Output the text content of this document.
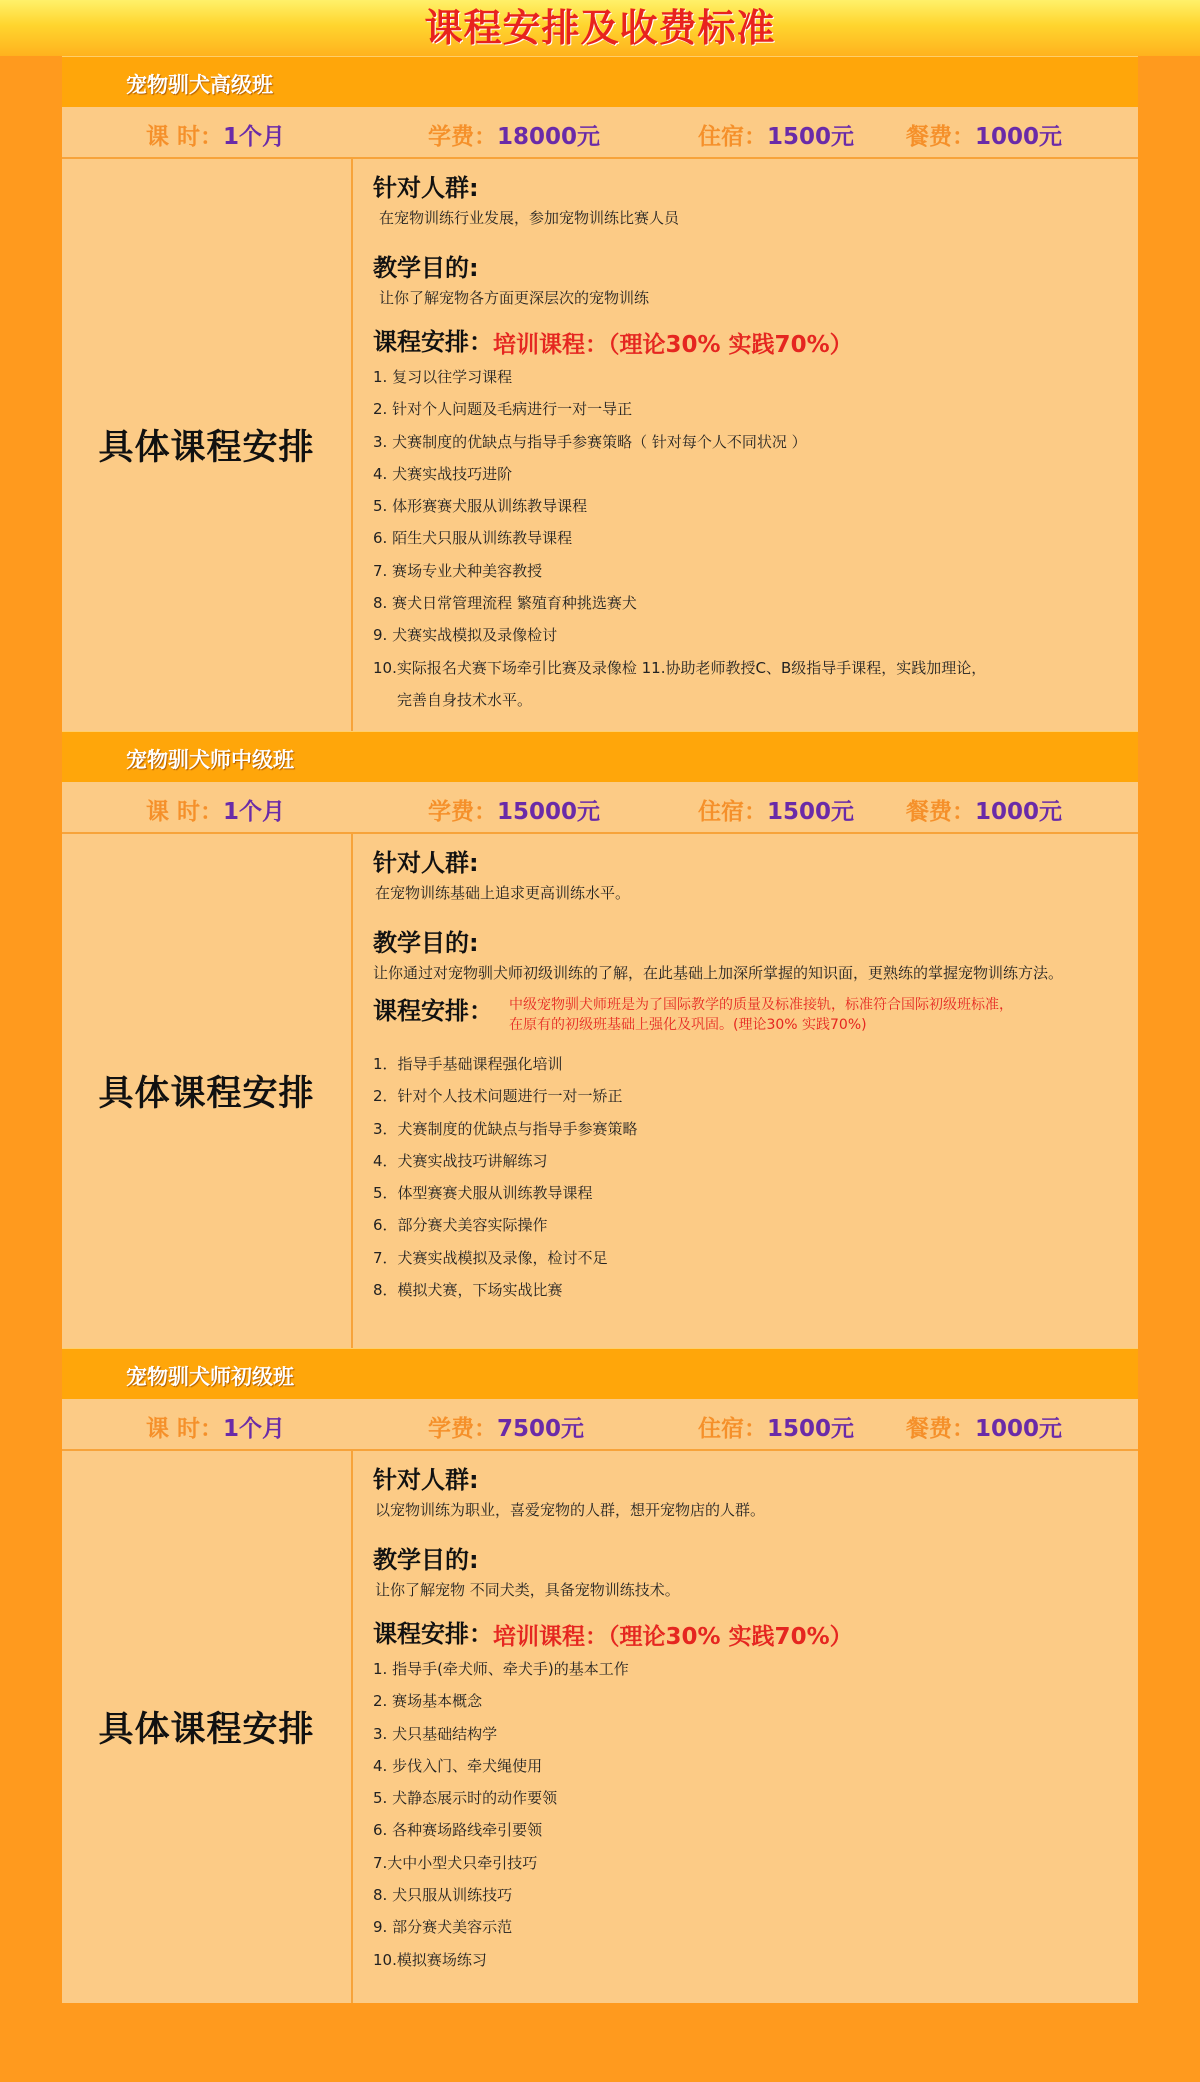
课程安排及收费标准
宠物驯犬高级班
课 时：1个月	学费：18000元	住宿：1500元 餐费：1000元
具体课程安排

针对人群:

在宠物训练行业发展，参加宠物训练比赛人员

教学目的:

让你了解宠物各方面更深层次的宠物训练

课程安排： 培训课程：（理论30% 实践70%）
1. 复习以往学习课程
2. 针对个人问题及毛病进行一对一导正
3. 犬赛制度的优缺点与指导手参赛策略（ 针对每个人不同状况 ）
4. 犬赛实战技巧进阶
5. 体形赛赛犬服从训练教导课程
6. 陌生犬只服从训练教导课程
7. 赛场专业犬种美容教授
8. 赛犬日常管理流程 繁殖育种挑选赛犬
9. 犬赛实战模拟及录像检讨
10.实际报名犬赛下场牵引比赛及录像检 11.协助老师教授C、B级指导手课程，实践加理论，
完善自身技术水平。
宠物驯犬师中级班
课 时：1个月	学费：15000元	住宿：1500元 餐费：1000元
具体课程安排

针对人群:

在宠物训练基础上追求更高训练水平。

教学目的:

让你通过对宠物驯犬师初级训练的了解，在此基础上加深所掌握的知识面，更熟练的掌握宠物训练方法。

课程安排： 中级宠物驯犬师班是为了国际教学的质量及标准接轨，标准符合国际初级班标准，
在原有的初级班基础上强化及巩固。(理论30% 实践70%)
1．指导手基础课程强化培训
2．针对个人技术问题进行一对一矫正
3．犬赛制度的优缺点与指导手参赛策略
4．犬赛实战技巧讲解练习
5．体型赛赛犬服从训练教导课程
6．部分赛犬美容实际操作
7．犬赛实战模拟及录像，检讨不足
8．模拟犬赛，下场实战比赛
宠物驯犬师初级班
课 时：1个月	学费：7500元	住宿：1500元 餐费：1000元
具体课程安排

针对人群:

以宠物训练为职业，喜爱宠物的人群，想开宠物店的人群。

教学目的:

让你了解宠物 不同犬类，具备宠物训练技术。

课程安排： 培训课程：（理论30% 实践70%）
1. 指导手(牵犬师、牵犬手)的基本工作
2. 赛场基本概念
3. 犬只基础结构学
4. 步伐入门、牵犬绳使用
5. 犬静态展示时的动作要领
6. 各种赛场路线牵引要领
7.大中小型犬只牵引技巧
8. 犬只服从训练技巧
9. 部分赛犬美容示范
10.模拟赛场练习
